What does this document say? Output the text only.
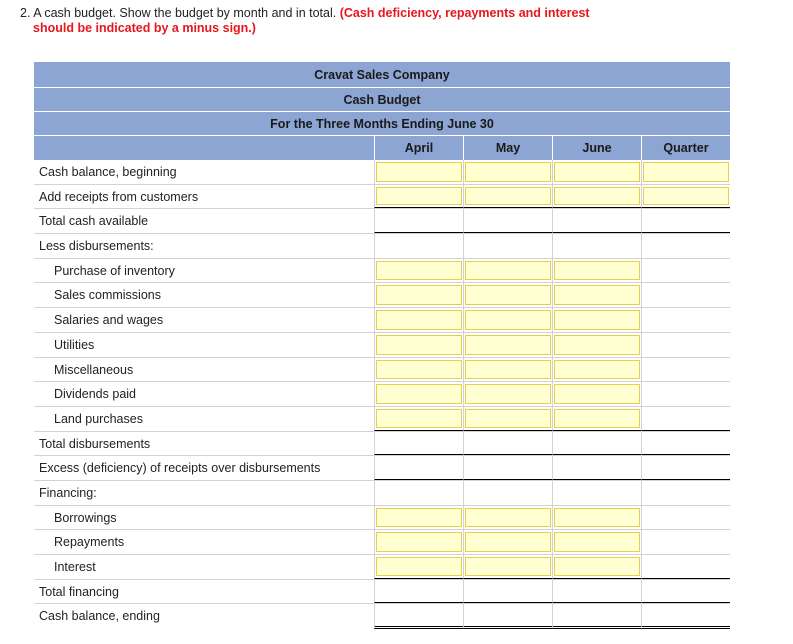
2. A cash budget. Show the budget by month and in total. (Cash deficiency, repayments and interest
should be indicated by a minus sign.)
Cravat Sales Company
Cash Budget
For the Three Months Ending June 30
April	May	June	Quarter
Cash balance, beginning
Add receipts from customers
Total cash available
Less disbursements:
Purchase of inventory
Sales commissions
Salaries and wages
Utilities
Miscellaneous
Dividends paid
Land purchases
Total disbursements
Excess (deficiency) of receipts over disbursements
Financing:
Borrowings
Repayments
Interest
Total financing
Cash balance, ending
